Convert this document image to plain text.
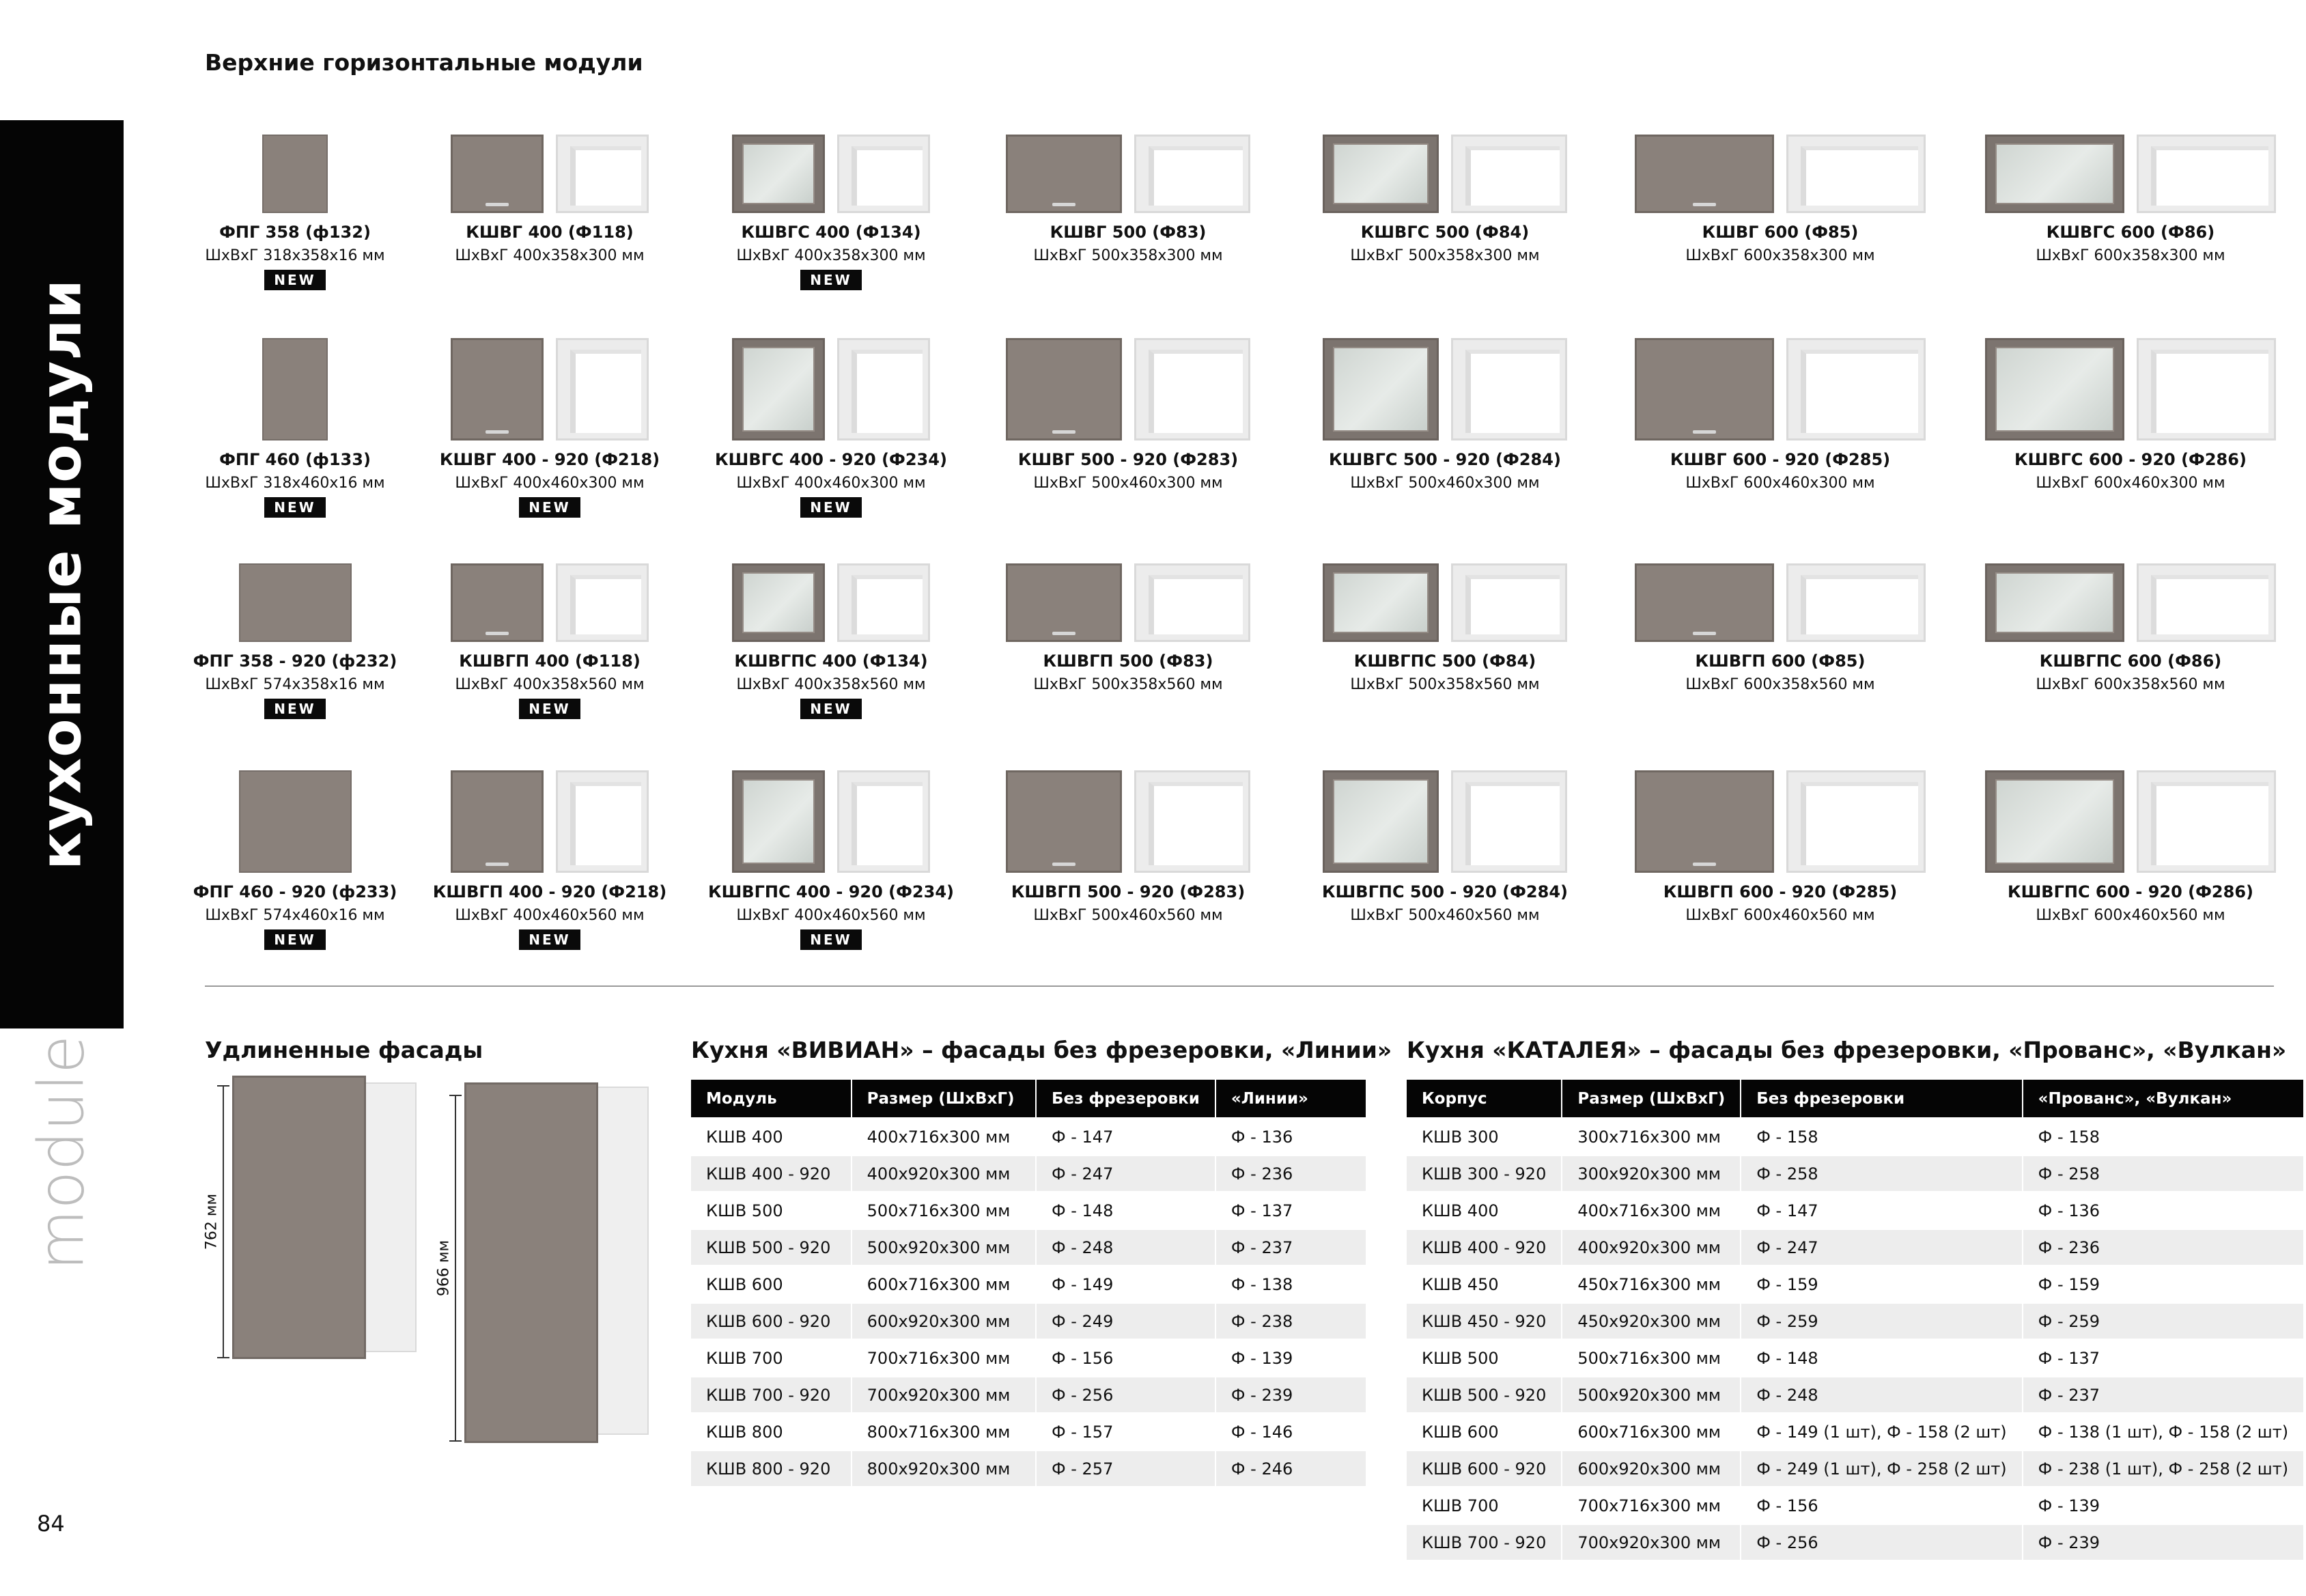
кухонные модули
module
84
Верхние горизонтальные модули
ФПГ 358 (ф132)
ШхВхГ 318x358x16 мм
NEW
КШВГ 400 (Ф118)
ШхВхГ 400x358x300 мм
КШВГС 400 (Ф134)
ШхВхГ 400x358x300 мм
NEW
КШВГ 500 (Ф83)
ШхВхГ 500x358x300 мм
КШВГС 500 (Ф84)
ШхВхГ 500x358x300 мм
КШВГ 600 (Ф85)
ШхВхГ 600x358x300 мм
КШВГС 600 (Ф86)
ШхВхГ 600x358x300 мм
ФПГ 460 (ф133)
ШхВхГ 318x460x16 мм
NEW
КШВГ 400 - 920 (Ф218)
ШхВхГ 400x460x300 мм
NEW
КШВГС 400 - 920 (Ф234)
ШхВхГ 400x460x300 мм
NEW
КШВГ 500 - 920 (Ф283)
ШхВхГ 500x460x300 мм
КШВГС 500 - 920 (Ф284)
ШхВхГ 500x460x300 мм
КШВГ 600 - 920 (Ф285)
ШхВхГ 600x460x300 мм
КШВГС 600 - 920 (Ф286)
ШхВхГ 600x460x300 мм
ФПГ 358 - 920 (ф232)
ШхВхГ 574x358x16 мм
NEW
КШВГП 400 (Ф118)
ШхВхГ 400x358x560 мм
NEW
КШВГПС 400 (Ф134)
ШхВхГ 400x358x560 мм
NEW
КШВГП 500 (Ф83)
ШхВхГ 500x358x560 мм
КШВГПС 500 (Ф84)
ШхВхГ 500x358x560 мм
КШВГП 600 (Ф85)
ШхВхГ 600x358x560 мм
КШВГПС 600 (Ф86)
ШхВхГ 600x358x560 мм
ФПГ 460 - 920 (ф233)
ШхВхГ 574x460x16 мм
NEW
КШВГП 400 - 920 (Ф218)
ШхВхГ 400x460x560 мм
NEW
КШВГПС 400 - 920 (Ф234)
ШхВхГ 400x460x560 мм
NEW
КШВГП 500 - 920 (Ф283)
ШхВхГ 500x460x560 мм
КШВГПС 500 - 920 (Ф284)
ШхВхГ 500x460x560 мм
КШВГП 600 - 920 (Ф285)
ШхВхГ 600x460x560 мм
КШВГПС 600 - 920 (Ф286)
ШхВхГ 600x460x560 мм
Удлиненные фасады
762 мм
966 мм
Кухня «ВИВИАН» – фасады без фрезеровки, «Линии»
Модуль	Размер (ШхВхГ)	Без фрезеровки	«Линии»
КШВ 400	400x716x300 мм	Ф - 147	Ф - 136
КШВ 400 - 920	400x920x300 мм	Ф - 247	Ф - 236
КШВ 500	500x716x300 мм	Ф - 148	Ф - 137
КШВ 500 - 920	500x920x300 мм	Ф - 248	Ф - 237
КШВ 600	600x716x300 мм	Ф - 149	Ф - 138
КШВ 600 - 920	600x920x300 мм	Ф - 249	Ф - 238
КШВ 700	700x716x300 мм	Ф - 156	Ф - 139
КШВ 700 - 920	700x920x300 мм	Ф - 256	Ф - 239
КШВ 800	800x716x300 мм	Ф - 157	Ф - 146
КШВ 800 - 920	800x920x300 мм	Ф - 257	Ф - 246
Кухня «КАТАЛЕЯ» – фасады без фрезеровки, «Прованс», «Вулкан»
Корпус	Размер (ШхВхГ)	Без фрезеровки	«Прованс», «Вулкан»
КШВ 300	300x716x300 мм	Ф - 158	Ф - 158
КШВ 300 - 920	300x920x300 мм	Ф - 258	Ф - 258
КШВ 400	400x716x300 мм	Ф - 147	Ф - 136
КШВ 400 - 920	400x920x300 мм	Ф - 247	Ф - 236
КШВ 450	450x716x300 мм	Ф - 159	Ф - 159
КШВ 450 - 920	450x920x300 мм	Ф - 259	Ф - 259
КШВ 500	500x716x300 мм	Ф - 148	Ф - 137
КШВ 500 - 920	500x920x300 мм	Ф - 248	Ф - 237
КШВ 600	600x716x300 мм	Ф - 149 (1 шт), Ф - 158 (2 шт)	Ф - 138 (1 шт), Ф - 158 (2 шт)
КШВ 600 - 920	600x920x300 мм	Ф - 249 (1 шт), Ф - 258 (2 шт)	Ф - 238 (1 шт), Ф - 258 (2 шт)
КШВ 700	700x716x300 мм	Ф - 156	Ф - 139
КШВ 700 - 920	700x920x300 мм	Ф - 256	Ф - 239
